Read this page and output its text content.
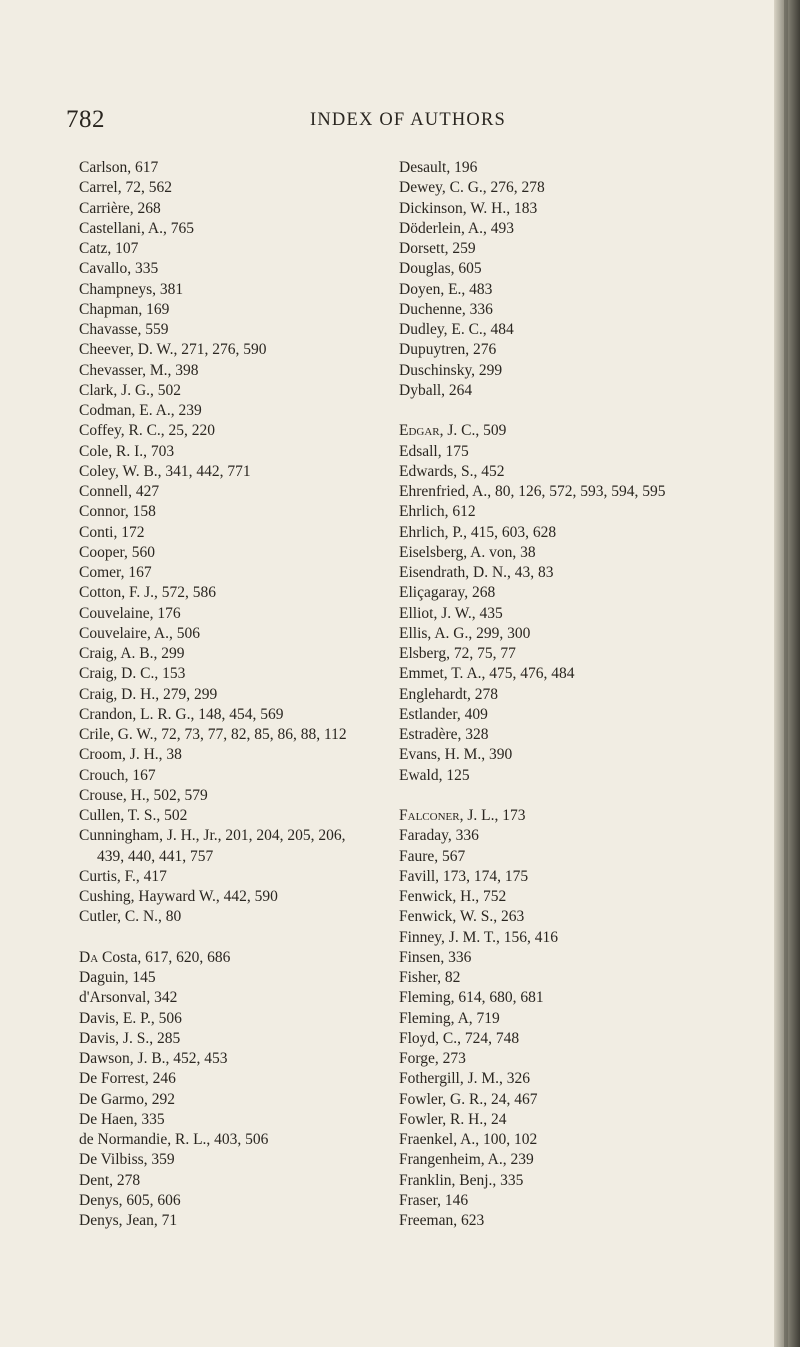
782	INDEX OF AUTHORS
Carlson, 617
Carrel, 72, 562
Carrière, 268
Castellani, A., 765
Catz, 107
Cavallo, 335
Champneys, 381
Chapman, 169
Chavasse, 559
Cheever, D. W., 271, 276, 590
Chevasser, M., 398
Clark, J. G., 502
Codman, E. A., 239
Coffey, R. C., 25, 220
Cole, R. I., 703
Coley, W. B., 341, 442, 771
Connell, 427
Connor, 158
Conti, 172
Cooper, 560
Comer, 167
Cotton, F. J., 572, 586
Couvelaine, 176
Couvelaire, A., 506
Craig, A. B., 299
Craig, D. C., 153
Craig, D. H., 279, 299
Crandon, L. R. G., 148, 454, 569
Crile, G. W., 72, 73, 77, 82, 85, 86, 88, 112
Croom, J. H., 38
Crouch, 167
Crouse, H., 502, 579
Cullen, T. S., 502
Cunningham, J. H., Jr., 201, 204, 205, 206,
439, 440, 441, 757
Curtis, F., 417
Cushing, Hayward W., 442, 590
Cutler, C. N., 80
Da Costa, 617, 620, 686
Daguin, 145
d'Arsonval, 342
Davis, E. P., 506
Davis, J. S., 285
Dawson, J. B., 452, 453
De Forrest, 246
De Garmo, 292
De Haen, 335
de Normandie, R. L., 403, 506
De Vilbiss, 359
Dent, 278
Denys, 605, 606
Denys, Jean, 71
Desault, 196
Dewey, C. G., 276, 278
Dickinson, W. H., 183
Döderlein, A., 493
Dorsett, 259
Douglas, 605
Doyen, E., 483
Duchenne, 336
Dudley, E. C., 484
Dupuytren, 276
Duschinsky, 299
Dyball, 264
Edgar, J. C., 509
Edsall, 175
Edwards, S., 452
Ehrenfried, A., 80, 126, 572, 593, 594, 595
Ehrlich, 612
Ehrlich, P., 415, 603, 628
Eiselsberg, A. von, 38
Eisendrath, D. N., 43, 83
Eliçagaray, 268
Elliot, J. W., 435
Ellis, A. G., 299, 300
Elsberg, 72, 75, 77
Emmet, T. A., 475, 476, 484
Englehardt, 278
Estlander, 409
Estradère, 328
Evans, H. M., 390
Ewald, 125
Falconer, J. L., 173
Faraday, 336
Faure, 567
Favill, 173, 174, 175
Fenwick, H., 752
Fenwick, W. S., 263
Finney, J. M. T., 156, 416
Finsen, 336
Fisher, 82
Fleming, 614, 680, 681
Fleming, A, 719
Floyd, C., 724, 748
Forge, 273
Fothergill, J. M., 326
Fowler, G. R., 24, 467
Fowler, R. H., 24
Fraenkel, A., 100, 102
Frangenheim, A., 239
Franklin, Benj., 335
Fraser, 146
Freeman, 623
